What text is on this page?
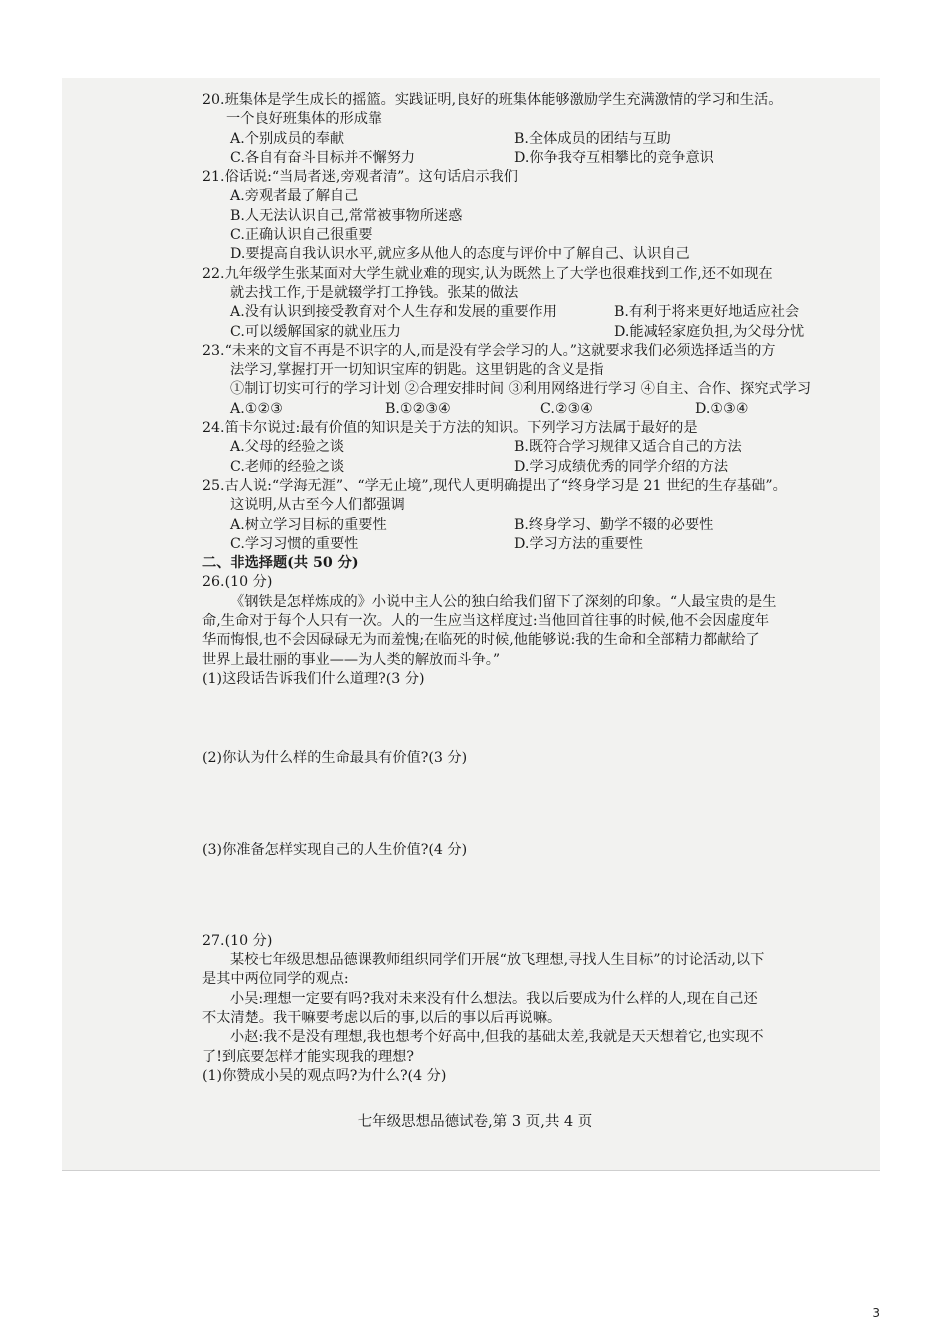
20.班集体是学生成长的摇篮。实践证明,良好的班集体能够激励学生充满激情的学习和生活。
一个良好班集体的形成靠
A.个别成员的奉献	B.全体成员的团结与互助
C.各自有奋斗目标并不懈努力	D.你争我夺互相攀比的竞争意识
21.俗话说:“当局者迷,旁观者清”。这句话启示我们
A.旁观者最了解自己
B.人无法认识自己,常常被事物所迷惑
C.正确认识自己很重要
D.要提高自我认识水平,就应多从他人的态度与评价中了解自己、认识自己
22.九年级学生张某面对大学生就业难的现实,认为既然上了大学也很难找到工作,还不如现在
就去找工作,于是就辍学打工挣钱。张某的做法
A.没有认识到接受教育对个人生存和发展的重要作用	B.有利于将来更好地适应社会
C.可以缓解国家的就业压力	D.能减轻家庭负担,为父母分忧
23.“未来的文盲不再是不识字的人,而是没有学会学习的人。”这就要求我们必须选择适当的方
法学习,掌握打开一切知识宝库的钥匙。这里钥匙的含义是指
①制订切实可行的学习计划 ②合理安排时间 ③利用网络进行学习 ④自主、合作、探究式学习
A.①②③	B.①②③④	C.②③④	D.①③④
24.笛卡尔说过:最有价值的知识是关于方法的知识。下列学习方法属于最好的是
A.父母的经验之谈	B.既符合学习规律又适合自己的方法
C.老师的经验之谈	D.学习成绩优秀的同学介绍的方法
25.古人说:“学海无涯”、“学无止境”,现代人更明确提出了“终身学习是 21 世纪的生存基础”。
这说明,从古至今人们都强调
A.树立学习目标的重要性	B.终身学习、勤学不辍的必要性
C.学习习惯的重要性	D.学习方法的重要性
二、非选择题(共 50 分)
26.(10 分)
《钢铁是怎样炼成的》小说中主人公的独白给我们留下了深刻的印象。“人最宝贵的是生
命,生命对于每个人只有一次。人的一生应当这样度过:当他回首往事的时候,他不会因虚度年
华而悔恨,也不会因碌碌无为而羞愧;在临死的时候,他能够说:我的生命和全部精力都献给了
世界上最壮丽的事业——为人类的解放而斗争。”
(1)这段话告诉我们什么道理?(3 分)
(2)你认为什么样的生命最具有价值?(3 分)
(3)你准备怎样实现自己的人生价值?(4 分)
27.(10 分)
某校七年级思想品德课教师组织同学们开展“放飞理想,寻找人生目标”的讨论活动,以下
是其中两位同学的观点:
小吴:理想一定要有吗?我对未来没有什么想法。我以后要成为什么样的人,现在自己还
不太清楚。我干嘛要考虑以后的事,以后的事以后再说嘛。
小赵:我不是没有理想,我也想考个好高中,但我的基础太差,我就是天天想着它,也实现不
了!到底要怎样才能实现我的理想?
(1)你赞成小吴的观点吗?为什么?(4 分)
七年级思想品德试卷,第 3 页,共 4 页
3
